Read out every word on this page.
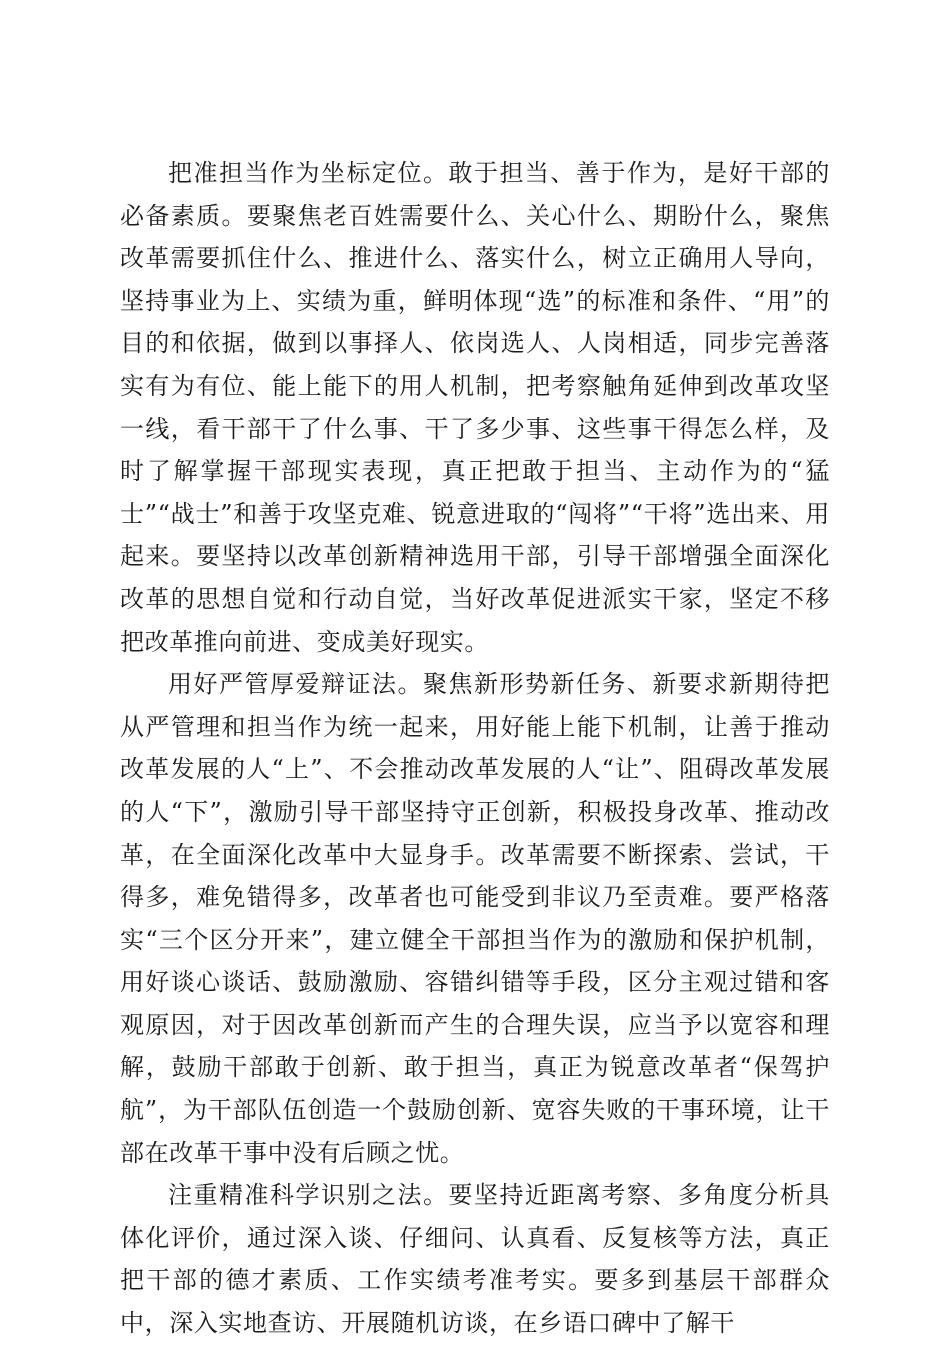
把准担当作为坐标定位。敢于担当、善于作为，是好干部的必备素质。要聚焦老百姓需要什么、关心什么、期盼什么，聚焦改革需要抓住什么、推进什么、落实什么，树立正确用人导向，坚持事业为上、实绩为重，鲜明体现“选”的标准和条件、“用”的目的和依据，做到以事择人、依岗选人、人岗相适，同步完善落实有为有位、能上能下的用人机制，把考察触角延伸到改革攻坚一线，看干部干了什么事、干了多少事、这些事干得怎么样，及时了解掌握干部现实表现，真正把敢于担当、主动作为的“猛士”“战士”和善于攻坚克难、锐意进取的“闯将”“干将”选出来、用起来。要坚持以改革创新精神选用干部，引导干部增强全面深化改革的思想自觉和行动自觉，当好改革促进派实干家，坚定不移把改革推向前进、变成美好现实。

用好严管厚爱辩证法。聚焦新形势新任务、新要求新期待把从严管理和担当作为统一起来，用好能上能下机制，让善于推动改革发展的人“上”、不会推动改革发展的人“让”、阻碍改革发展的人“下”，激励引导干部坚持守正创新，积极投身改革、推动改革，在全面深化改革中大显身手。改革需要不断探索、尝试，干得多，难免错得多，改革者也可能受到非议乃至责难。要严格落实“三个区分开来”，建立健全干部担当作为的激励和保护机制，用好谈心谈话、鼓励激励、容错纠错等手段，区分主观过错和客观原因，对于因改革创新而产生的合理失误，应当予以宽容和理解，鼓励干部敢于创新、敢于担当，真正为锐意改革者“保驾护航”，为干部队伍创造一个鼓励创新、宽容失败的干事环境，让干部在改革干事中没有后顾之忧。

注重精准科学识别之法。要坚持近距离考察、多角度分析具体化评价，通过深入谈、仔细问、认真看、反复核等方法，真正把干部的德才素质、工作实绩考准考实。要多到基层干部群众中，深入实地查访、开展随机访谈，在乡语口碑中了解干
